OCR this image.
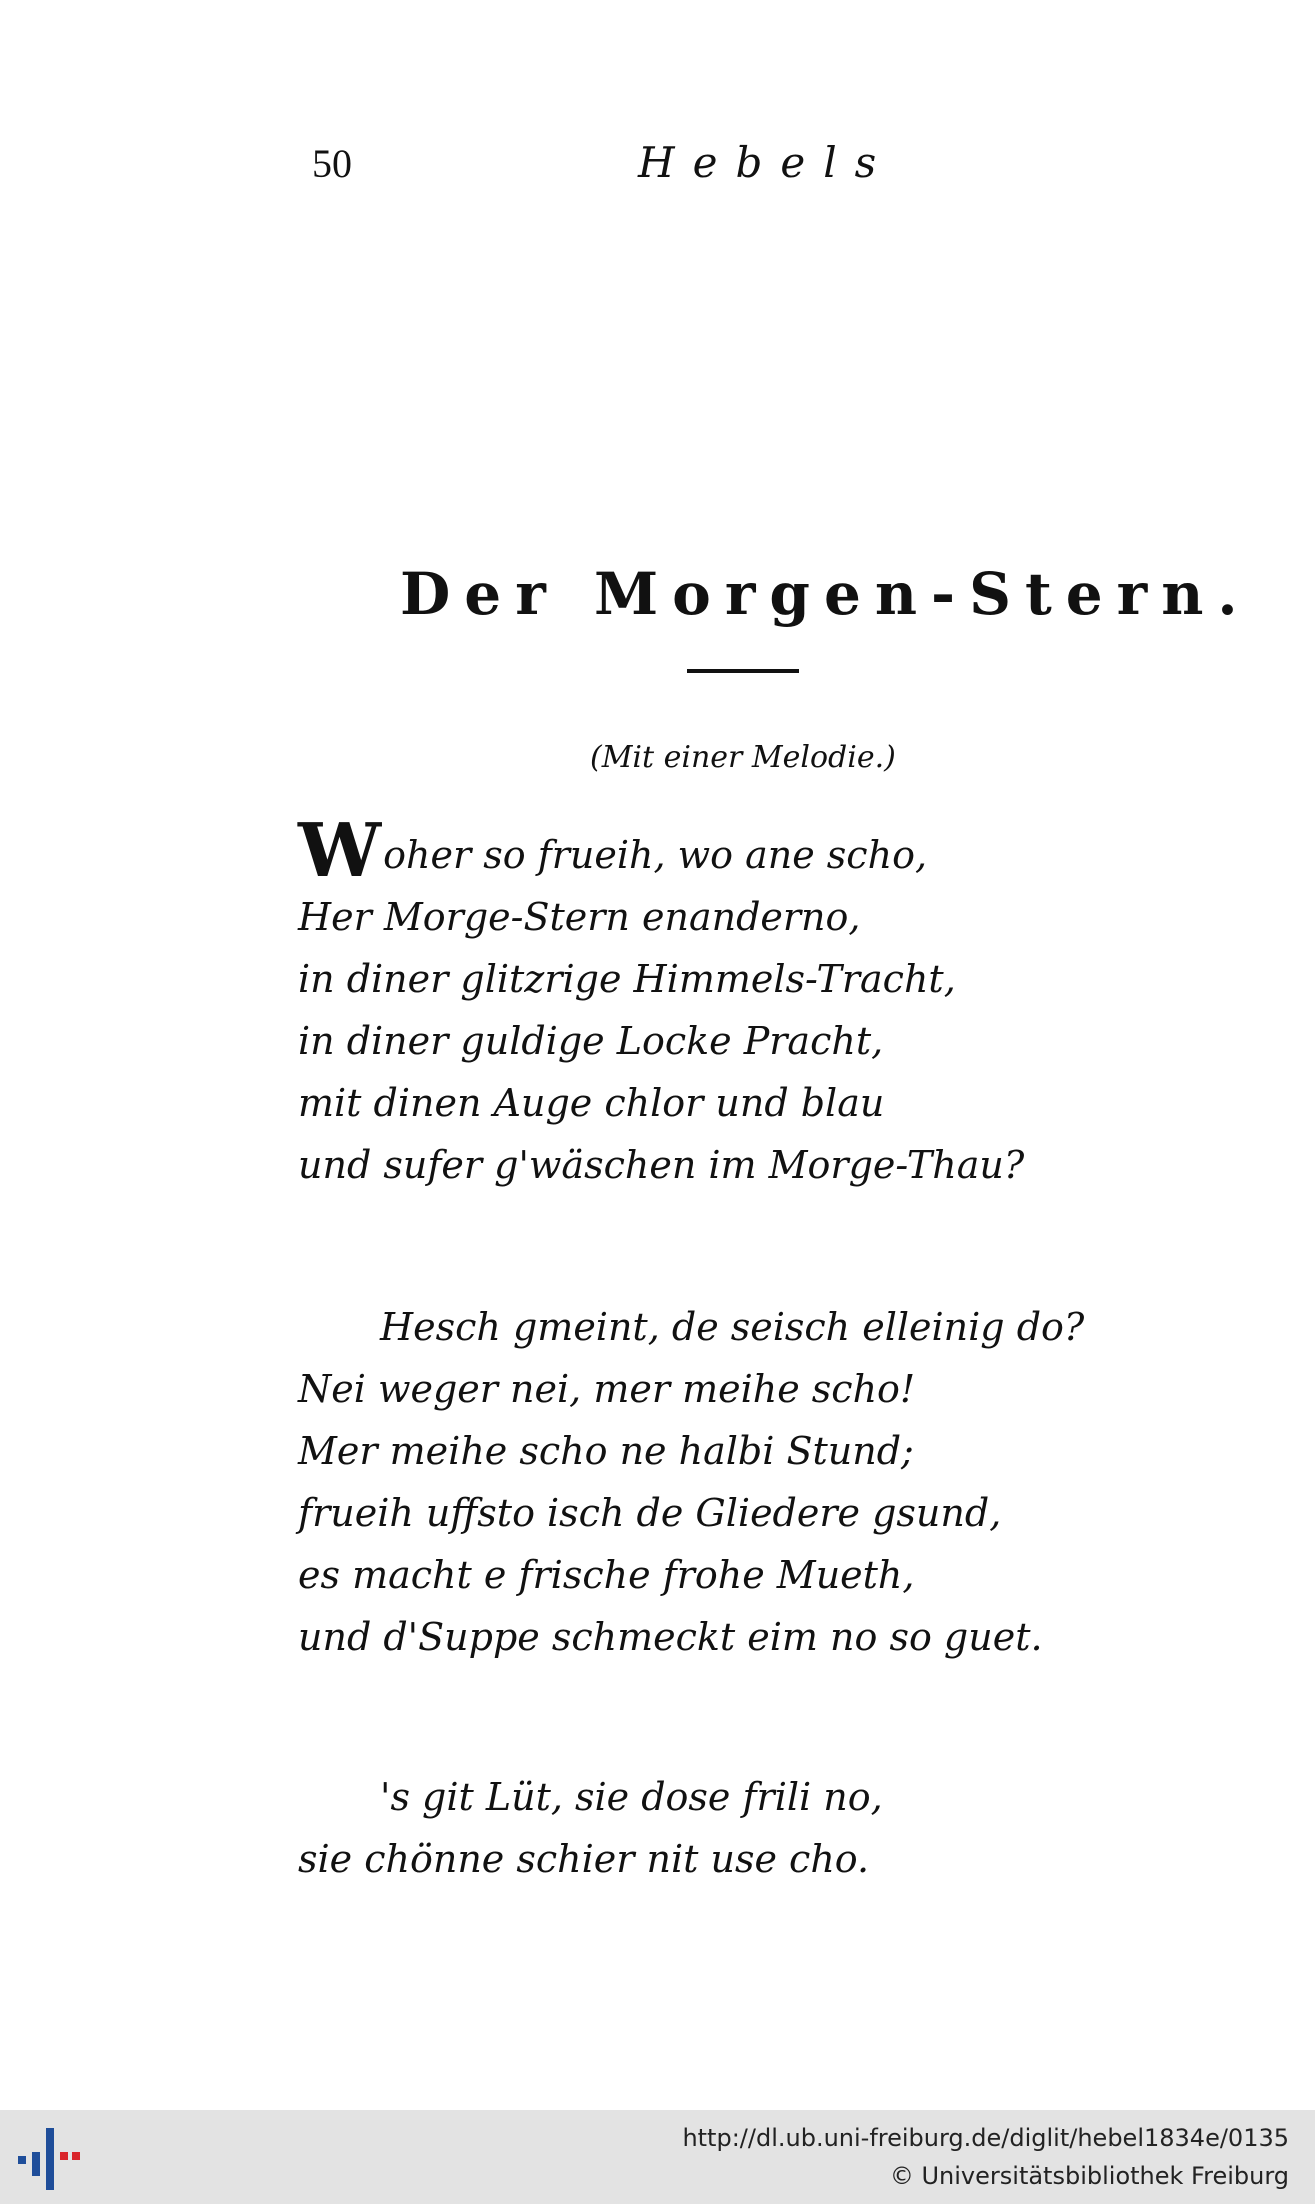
50	Hebels
Der Morgen-Stern.
(Mit einer Melodie.)
Woher so frueih, wo ane scho,
Her Morge-Stern enanderno,
in diner glitzrige Himmels-Tracht,
in diner guldige Locke Pracht,
mit dinen Auge chlor und blau
und sufer g'wäschen im Morge-Thau?
Hesch gmeint, de seisch elleinig do?
Nei weger nei, mer meihe scho!
Mer meihe scho ne halbi Stund;
frueih uffsto isch de Gliedere gsund,
es macht e frische frohe Mueth,
und d'Suppe schmeckt eim no so guet.
's git Lüt, sie dose frili no,
sie chönne schier nit use cho.
http://dl.ub.uni-freiburg.de/diglit/hebel1834e/0135
© Universitätsbibliothek Freiburg
